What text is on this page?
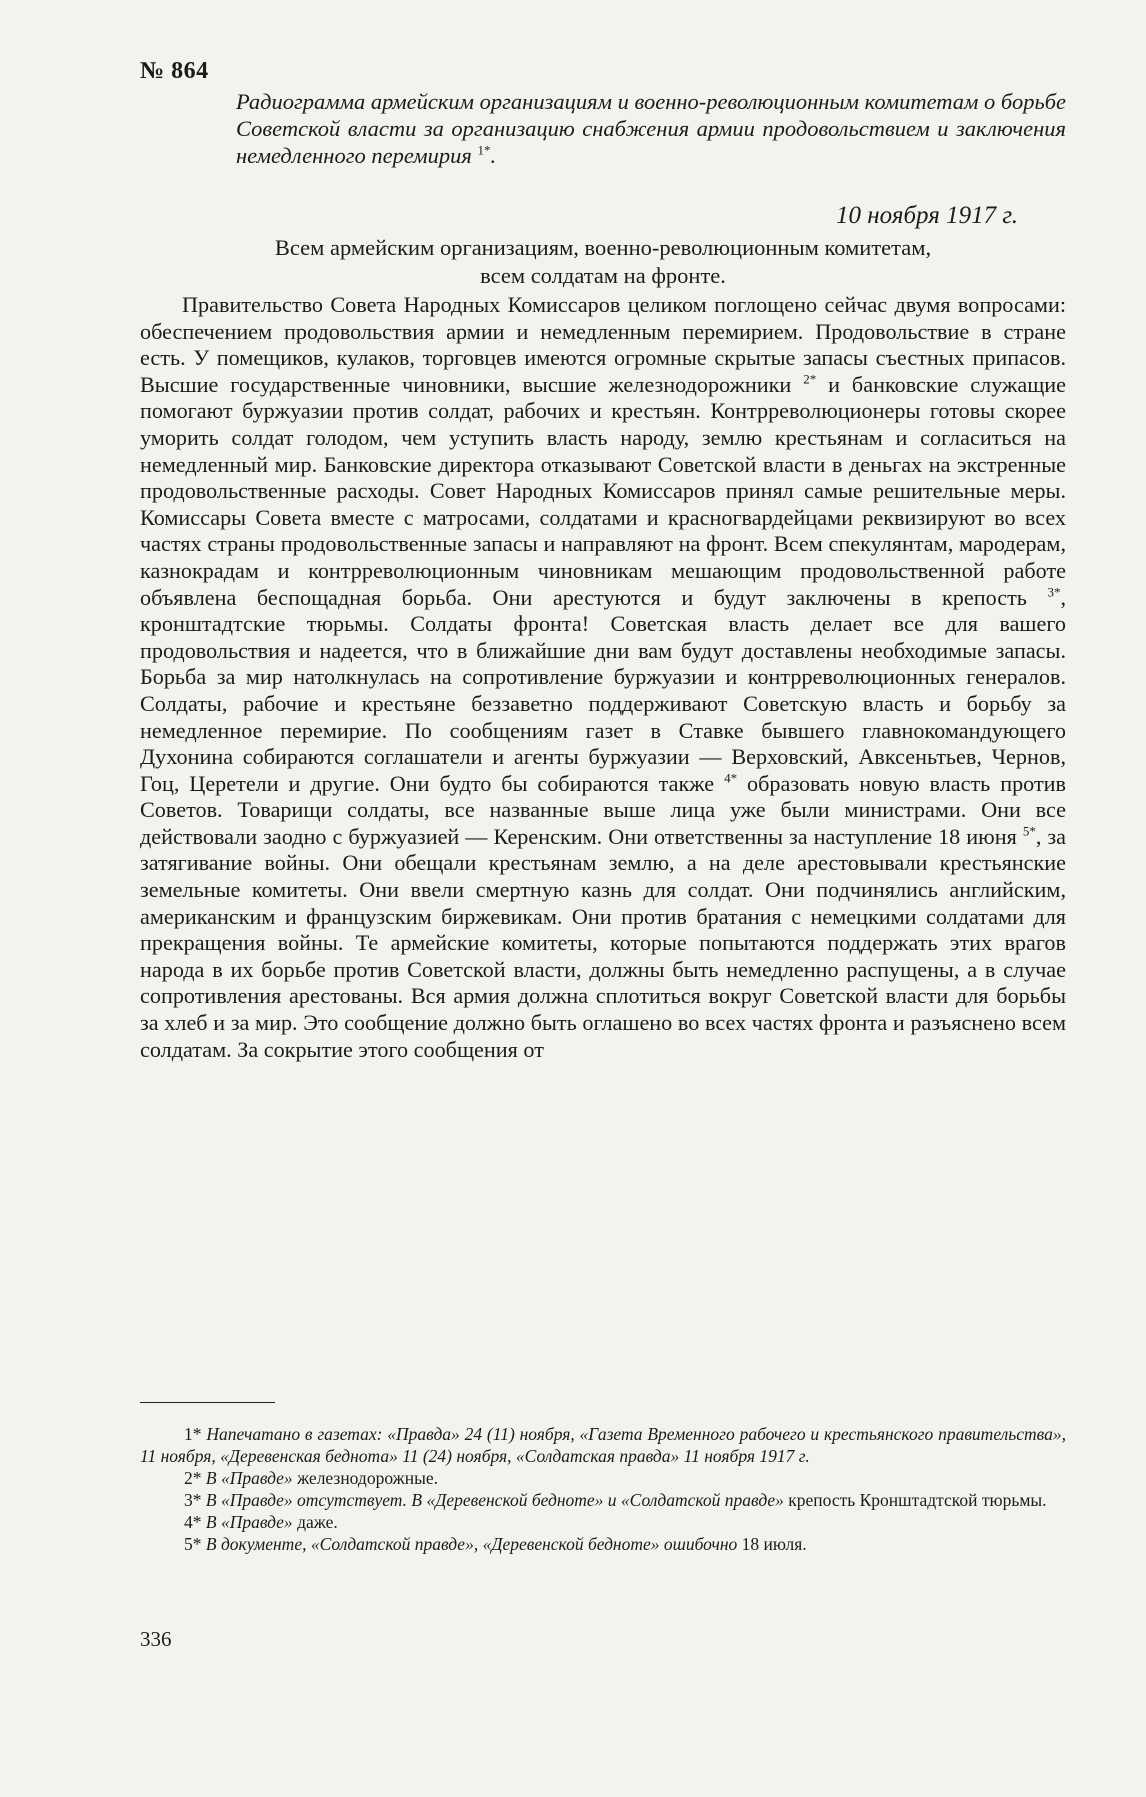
№ 864
Радиограмма армейским организациям и военно-революционным комитетам о борьбе Советской власти за организацию снабжения армии продовольствием и заключения немедленного перемирия $^{1*}$.
10 ноября 1917 г.
Всем армейским организациям, военно-революционным комитетам,
всем солдатам на фронте.

Правительство Совета Народных Комиссаров целиком поглощено сейчас двумя вопросами: обеспечением продовольствия армии и немедленным перемирием. Продовольствие в стране есть. У помещиков, кулаков, торговцев имеются огромные скрытые запасы съестных припасов. Высшие государственные чиновники, высшие железнодорожники $^{2*}$ и банковские служащие помогают буржуазии против солдат, рабочих и крестьян. Контрреволюционеры готовы скорее уморить солдат голодом, чем уступить власть народу, землю крестьянам и согласиться на немедленный мир. Банковские директора отказывают Советской власти в деньгах на экстренные продовольственные расходы. Совет Народных Комиссаров принял самые решительные меры. Комиссары Совета вместе с матросами, солдатами и красногвардейцами реквизируют во всех частях страны продовольственные запасы и направляют на фронт. Всем спекулянтам, мародерам, казнокрадам и контрреволюционным чиновникам мешающим продовольственной работе объявлена беспощадная борьба. Они арестуются и будут заключены в крепость $^{3*}$, кронштадтские тюрьмы. Солдаты фронта! Советская власть делает все для вашего продовольствия и надеется, что в ближайшие дни вам будут доставлены необходимые запасы. Борьба за мир натолкнулась на сопротивление буржуазии и контрреволюционных генералов. Солдаты, рабочие и крестьяне беззаветно поддерживают Советскую власть и борьбу за немедленное перемирие. По сообщениям газет в Ставке бывшего главнокомандующего Духонина собираются соглашатели и агенты буржуазии — Верховский, Авксеньтьев, Чернов, Гоц, Церетели и другие. Они будто бы собираются также $^{4*}$ образовать новую власть против Советов. Товарищи солдаты, все названные выше лица уже были министрами. Они все действовали заодно с буржуазией — Керенским. Они ответственны за наступление 18 июня $^{5*}$, за затягивание войны. Они обещали крестьянам землю, а на деле арестовывали крестьянские земельные комитеты. Они ввели смертную казнь для солдат. Они подчинялись английским, американским и французским биржевикам. Они против братания с немецкими солдатами для прекращения войны. Те армейские комитеты, которые попытаются поддержать этих врагов народа в их борьбе против Советской власти, должны быть немедленно распущены, а в случае сопротивления арестованы. Вся армия должна сплотиться вокруг Советской власти для борьбы за хлеб и за мир. Это сообщение должно быть оглашено во всех частях фронта и разъяснено всем солдатам. За сокрытие этого сообщения от

1* Напечатано в газетах: «Правда» 24 (11) ноября, «Газета Временного рабочего и крестьянского правительства», 11 ноября, «Деревенская беднота» 11 (24) ноября, «Солдатская правда» 11 ноября 1917 г.

2* В «Правде» железнодорожные.

3* В «Правде» отсутствует. В «Деревенской бедноте» и «Солдатской правде» крепость Кронштадтской тюрьмы.

4* В «Правде» даже.

5* В документе, «Солдатской правде», «Деревенской бедноте» ошибочно 18 июля.

336
